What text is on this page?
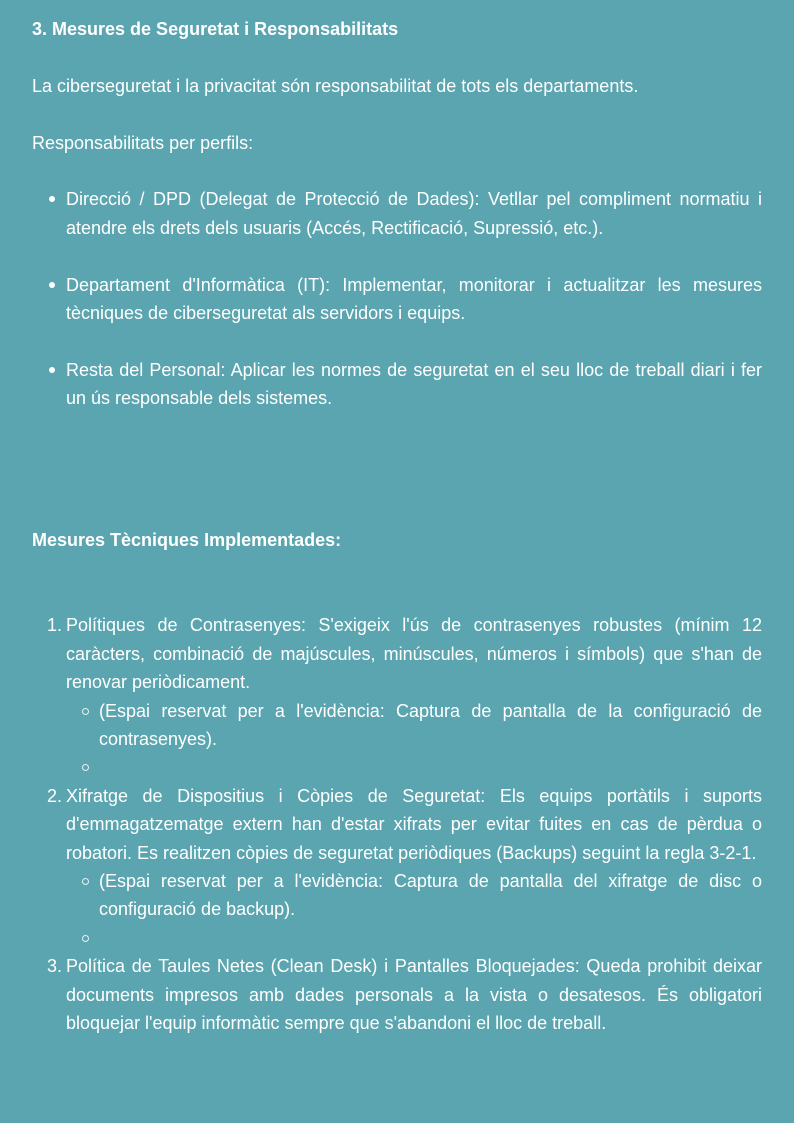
3. Mesures de Seguretat i Responsabilitats

La ciberseguretat i la privacitat són responsabilitat de tots els departaments.

Responsabilitats per perfils:

Direcció / DPD (Delegat de Protecció de Dades): Vetllar pel compliment normatiu i atendre els drets dels usuaris (Accés, Rectificació, Supressió, etc.).
Departament d'Informàtica (IT): Implementar, monitorar i actualitzar les mesures tècniques de ciberseguretat als servidors i equips.
Resta del Personal: Aplicar les normes de seguretat en el seu lloc de treball diari i fer un ús responsable dels sistemes.
Mesures Tècniques Implementades:
1. Polítiques de Contrasenyes: S'exigeix l'ús de contrasenyes robustes (mínim 12 caràcters, combinació de majúscules, minúscules, números i símbols) que s'han de renovar periòdicament.
(Espai reservat per a l'evidència: Captura de pantalla de la configuració de contrasenyes).
2. Xifratge de Dispositius i Còpies de Seguretat: Els equips portàtils i suports d'emmagatzematge extern han d'estar xifrats per evitar fuites en cas de pèrdua o robatori. Es realitzen còpies de seguretat periòdiques (Backups) seguint la regla 3-2-1.
(Espai reservat per a l'evidència: Captura de pantalla del xifratge de disc o configuració de backup).
3. Política de Taules Netes (Clean Desk) i Pantalles Bloquejades: Queda prohibit deixar documents impresos amb dades personals a la vista o desatesos. És obligatori bloquejar l'equip informàtic sempre que s'abandoni el lloc de treball.
